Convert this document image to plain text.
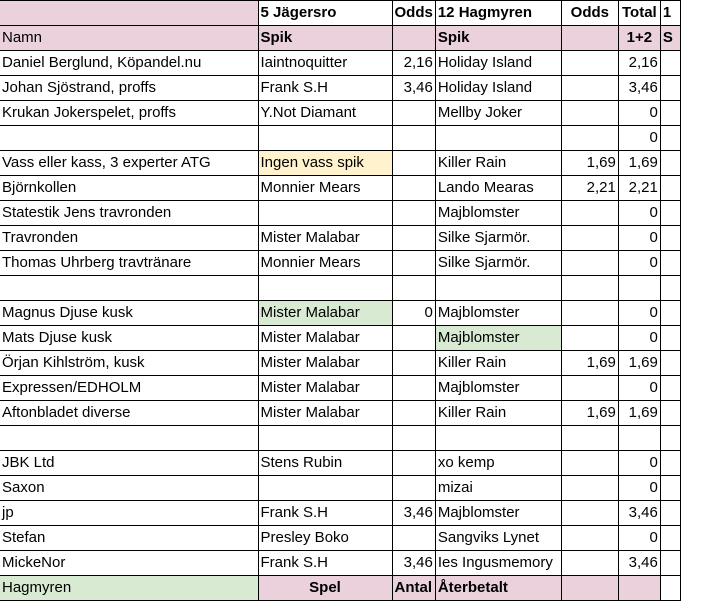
	5 Jägersro	Odds	12 Hagmyren	Odds	Total	1
Namn	Spik		Spik		1+2	S
Daniel Berglund, Köpandel.nu	Iaintnoquitter	2,16	Holiday Island		2,16	
Johan Sjöstrand, proffs	Frank S.H	3,46	Holiday Island		3,46	
Krukan Jokerspelet, proffs	Y.Not Diamant		Mellby Joker		0	
					0	
Vass eller kass, 3 experter ATG	Ingen vass spik		Killer Rain	1,69	1,69	
Björnkollen	Monnier Mears		Lando Mearas	2,21	2,21	
Statestik Jens travronden			Majblomster		0	
Travronden	Mister Malabar		Silke Sjarmör.		0	
Thomas Uhrberg travtränare	Monnier Mears		Silke Sjarmör.		0	

Magnus Djuse kusk	Mister Malabar	0	Majblomster		0	
Mats Djuse kusk	Mister Malabar		Majblomster		0	
Örjan Kihlström, kusk	Mister Malabar		Killer Rain	1,69	1,69	
Expressen/EDHOLM	Mister Malabar		Majblomster		0	
Aftonbladet diverse	Mister Malabar		Killer Rain	1,69	1,69	

JBK Ltd	Stens Rubin		xo kemp		0	
Saxon			mizai		0	
jp	Frank S.H	3,46	Majblomster		3,46	
Stefan	Presley Boko		Sangviks Lynet		0	
MickeNor	Frank S.H	3,46	Ies Ingusmemory		3,46	
Hagmyren	Spel	Antal	Återbetalt			
